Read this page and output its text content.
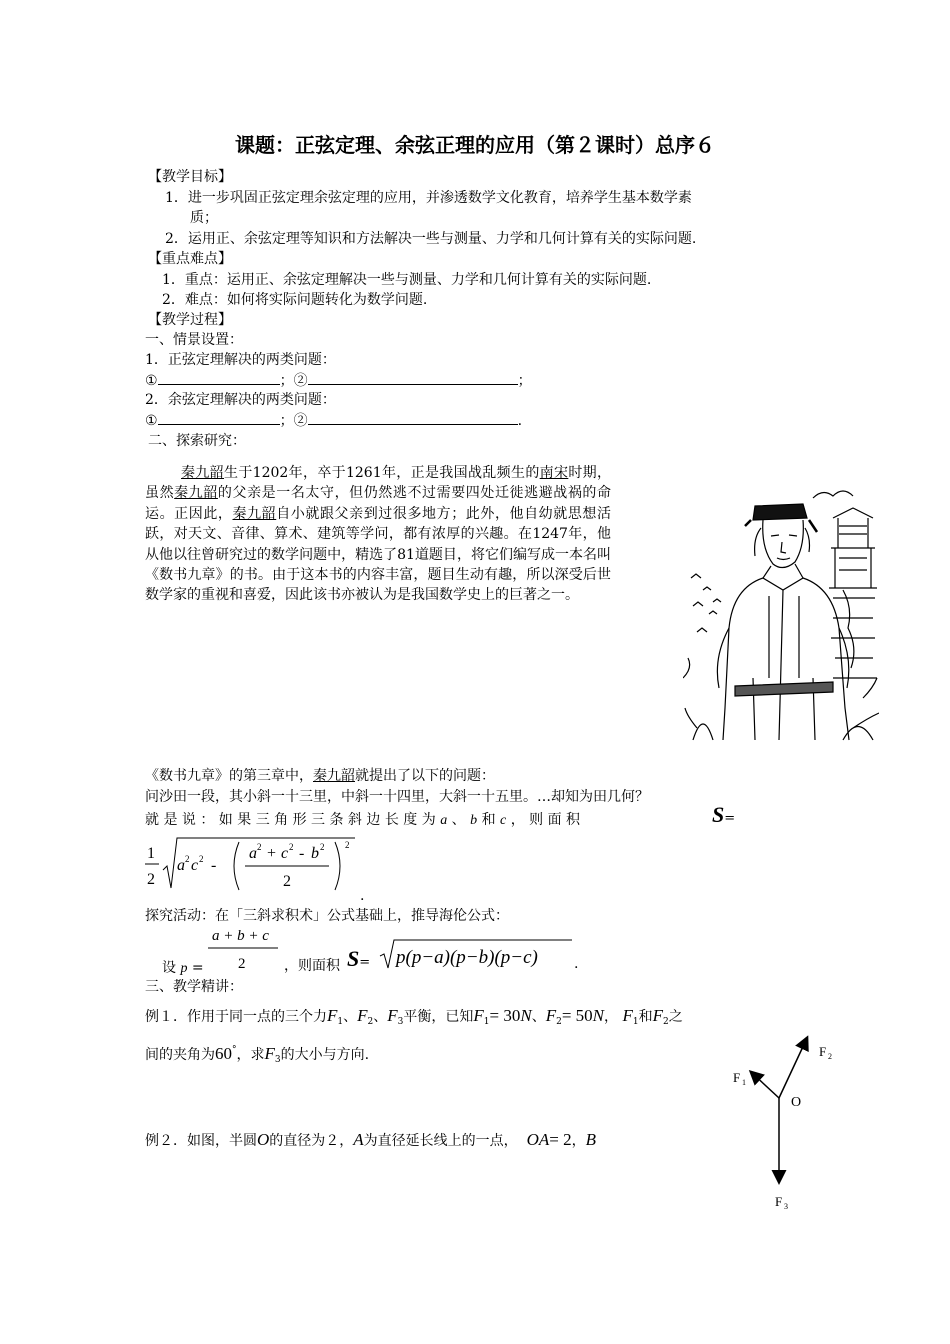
课题：正弦定理、余弦正理的应用（第２课时）总序６
【教学目标】
1．进一步巩固正弦定理余弦定理的应用，并渗透数学文化教育，培养学生基本数学素
质；
2．运用正、余弦定理等知识和方法解决一些与测量、力学和几何计算有关的实际问题.
【重点难点】
1．重点：运用正、余弦定理解决一些与测量、力学和几何计算有关的实际问题.
2．难点：如何将实际问题转化为数学问题.
【教学过程】
一、情景设置：
1．正弦定理解决的两类问题：
①	；②	；
2．余弦定理解决的两类问题：
①	；②	.
二、探索研究：

秦九韶生于1202年，卒于1261年，正是我国战乱频生的南宋时期，虽然秦九韶的父亲是一名太守，但仍然逃不过需要四处迁徙逃避战祸的命运。正因此，秦九韶自小就跟父亲到过很多地方；此外，他自幼就思想活跃，对天文、音律、算术、建筑等学问，都有浓厚的兴趣。在1247年，他从他以往曾研究过的数学问题中，精选了81道题目，将它们编写成一本名叫《数书九章》的书。由于这本书的内容丰富，题目生动有趣，所以深受后世数学家的重视和喜爱，因此该书亦被认为是我国数学史上的巨著之一。

《数书九章》的第三章中，秦九韶就提出了以下的问题：
问沙田一段，其小斜一十三里，中斜一十四里，大斜一十五里。…却知为田几何？
就 是 说 ： 如 果 三 角 形 三 条 斜 边 长 度 为 a 、 b 和 c ， 则 面 积	S=
1
2
a 2 c 2 -
a 2 + c 2 - b 2
2
2
.
探究活动：在「三斜求积术」公式基础上，推导海伦公式：
设 p =
a + b + c
2	，则面积 S= p(p−a)(p−b)(p−c)	.
三、教学精讲：
例１．作用于同一点的三个力$F_1$、$F_2$、$F_3$平衡，已知$F_1= 30N$、$F_2= 50N$， $F_1$和$F_2$之
间的夹角为60°，求$F_3$的大小与方向.	F 2
F 1
O
F 3
例２．如图，半圆O的直径为２，A为直径延长线上的一点， OA= 2，B
